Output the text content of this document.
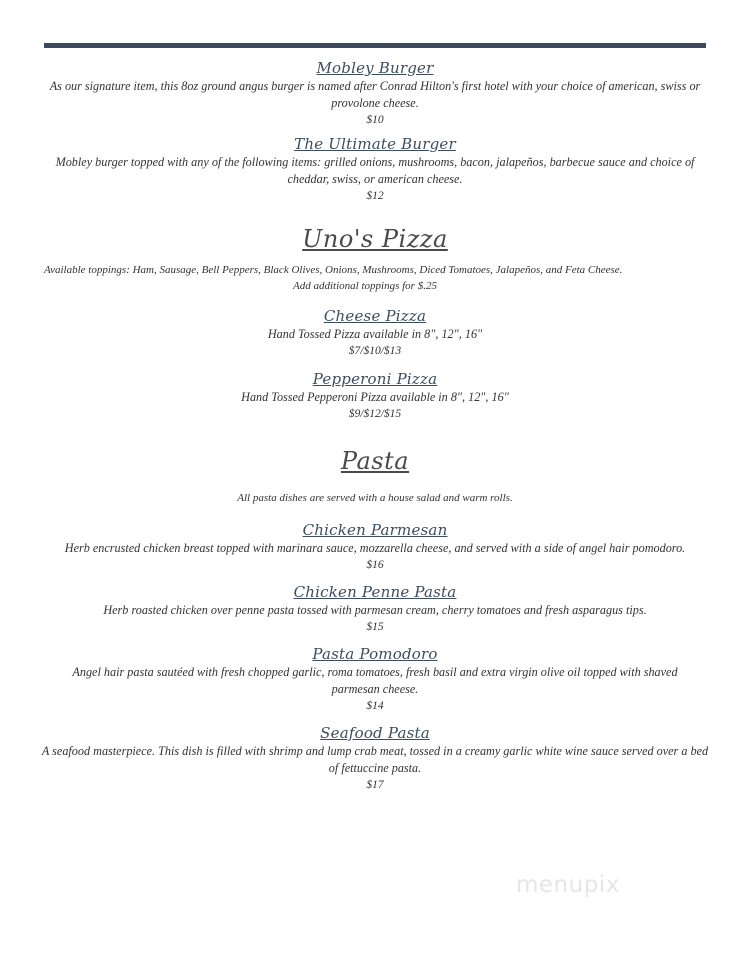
Mobley Burger
As our signature item, this 8oz ground angus burger is named after Conrad Hilton's first hotel with your choice of american, swiss or provolone cheese.
$10
The Ultimate Burger
Mobley burger topped with any of the following items: grilled onions, mushrooms, bacon, jalapeños, barbecue sauce and choice of cheddar, swiss, or american cheese.
$12
Uno's Pizza
Available toppings: Ham, Sausage, Bell Peppers, Black Olives, Onions, Mushrooms, Diced Tomatoes, Jalapeños, and Feta Cheese.
Add additional toppings for $.25
Cheese Pizza
Hand Tossed Pizza available in 8", 12", 16"
$7/$10/$13
Pepperoni Pizza
Hand Tossed Pepperoni Pizza available in 8", 12", 16"
$9/$12/$15
Pasta
All pasta dishes are served with a house salad and warm rolls.
Chicken Parmesan
Herb encrusted chicken breast topped with marinara sauce, mozzarella cheese, and served with a side of angel hair pomodoro.
$16
Chicken Penne Pasta
Herb roasted chicken over penne pasta tossed with parmesan cream, cherry tomatoes and fresh asparagus tips.
$15
Pasta Pomodoro
Angel hair pasta sautéed with fresh chopped garlic, roma tomatoes, fresh basil and extra virgin olive oil topped with shaved parmesan cheese.
$14
Seafood Pasta
A seafood masterpiece. This dish is filled with shrimp and lump crab meat, tossed in a creamy garlic white wine sauce served over a bed of fettuccine pasta.
$17
menupix
